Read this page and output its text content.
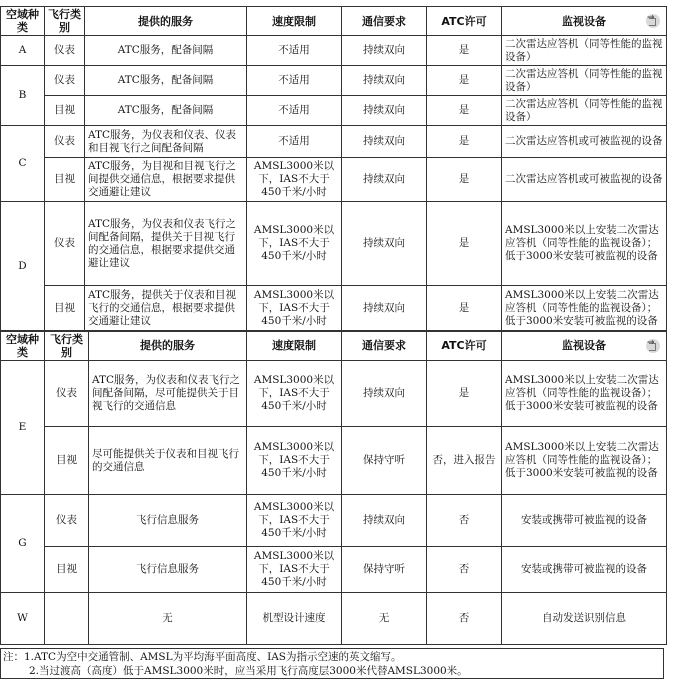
空域种类	飞行类别	提供的服务	速度限制	通信要求	ATC许可	监视设备
→

A	仪表	ATC服务，配备间隔	不适用	持续双向	是	二次雷达应答机（同等性能的监视设备）
B	仪表	ATC服务，配备间隔	不适用	持续双向	是	二次雷达应答机（同等性能的监视设备）
	目视	ATC服务，配备间隔	不适用	持续双向	是	二次雷达应答机（同等性能的监视设备）
C	仪表	ATC服务，为仪表和仪表、仪表和目视飞行之间配备间隔	不适用	持续双向	是	二次雷达应答机或可被监视的设备
	目视	ATC服务，为目视和目视飞行之间提供交通信息，根据要求提供交通避让建议	AMSL3000米以下，IAS不大于450千米/小时	持续双向	是	二次雷达应答机或可被监视的设备
D	仪表	ATC服务，为仪表和仪表飞行之间配备间隔，提供关于目视飞行的交通信息，根据要求提供交通避让建议	AMSL3000米以下，IAS不大于450千米/小时	持续双向	是	AMSL3000米以上安装二次雷达应答机（同等性能的监视设备）；低于3000米安装可被监视的设备
	目视	ATC服务，提供关于仪表和目视飞行的交通信息，根据要求提供交通避让建议	AMSL3000米以下，IAS不大于450千米/小时	持续双向	是	AMSL3000米以上安装二次雷达应答机（同等性能的监视设备）；低于3000米安装可被监视的设备
空域种类	飞行类别	提供的服务	速度限制	通信要求	ATC许可	监视设备
→

E	仪表	ATC服务，为仪表和仪表飞行之间配备间隔，尽可能提供关于目视飞行的交通信息	AMSL3000米以下，IAS不大于450千米/小时	持续双向	是	AMSL3000米以上安装二次雷达应答机（同等性能的监视设备）；低于3000米安装可被监视的设备
	目视	尽可能提供关于仪表和目视飞行的交通信息	AMSL3000米以下，IAS不大于450千米/小时	保持守听	否，进入报告	AMSL3000米以上安装二次雷达应答机（同等性能的监视设备）；低于3000米安装可被监视的设备
G	仪表	飞行信息服务	AMSL3000米以下，IAS不大于450千米/小时	持续双向	否	安装或携带可被监视的设备
	目视	飞行信息服务	AMSL3000米以下，IAS不大于450千米/小时	保持守听	否	安装或携带可被监视的设备
W		无	机型设计速度	无	否	自动发送识别信息
注：1.ATC为空中交通管制、AMSL为平均海平面高度、IAS为指示空速的英文缩写。
2.当过渡高（高度）低于AMSL3000米时，应当采用飞行高度层3000米代替AMSL3000米。
